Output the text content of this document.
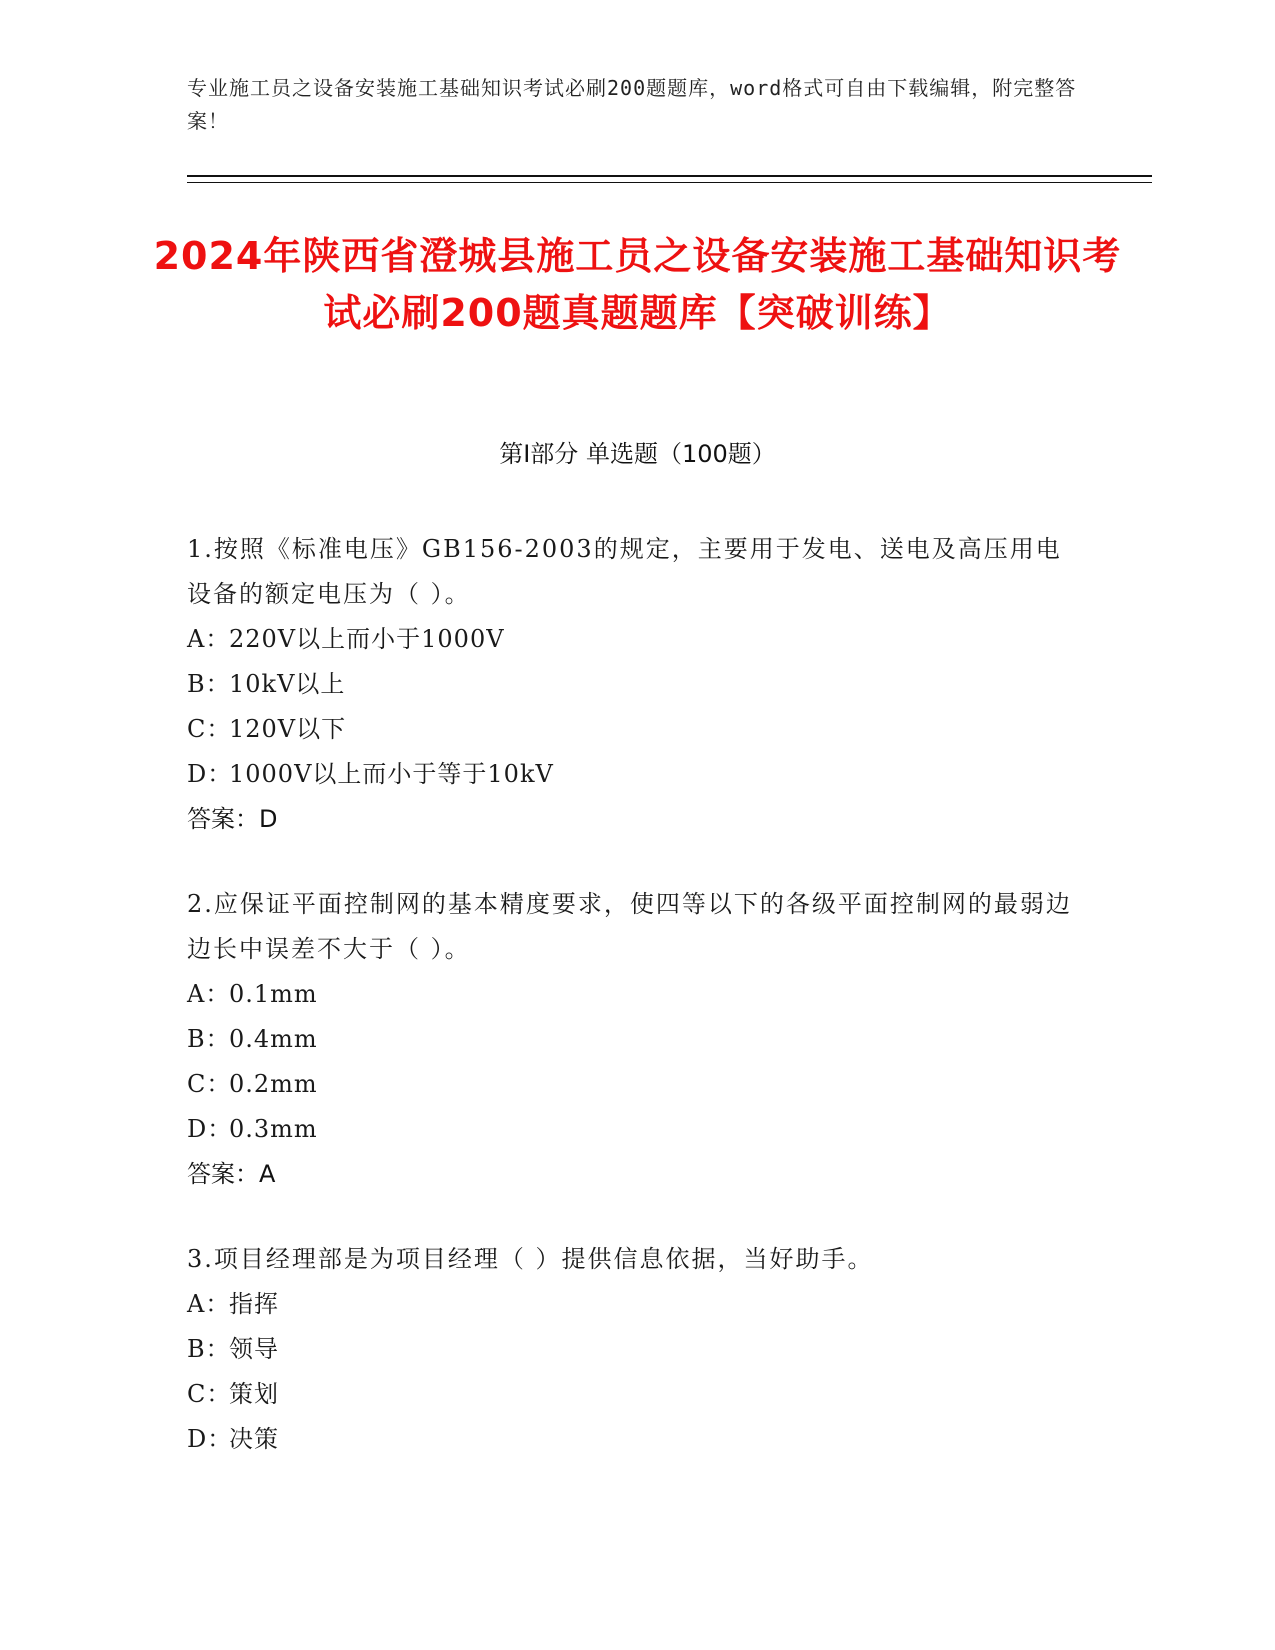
专业施工员之设备安装施工基础知识考试必刷200题题库，word格式可自由下载编辑，附完整答案！
2024年陕西省澄城县施工员之设备安装施工基础知识考试必刷200题真题题库【突破训练】
第I部分 单选题（100题）
1.按照《标准电压》GB156-2003的规定，主要用于发电、送电及高压用电设备的额定电压为（ ）。
A：
220V以上而小于1000V
B：
10kV以上
C：
120V以下
D：
1000V以上而小于等于10kV
答案：D
2.应保证平面控制网的基本精度要求，使四等以下的各级平面控制网的最弱边边长中误差不大于（ ）。
A：
0.1mm
B：
0.4mm
C：
0.2mm
D：
0.3mm
答案：A
3.项目经理部是为项目经理（ ）提供信息依据，当好助手。
A：
指挥
B：
领导
C：
策划
D：
决策
